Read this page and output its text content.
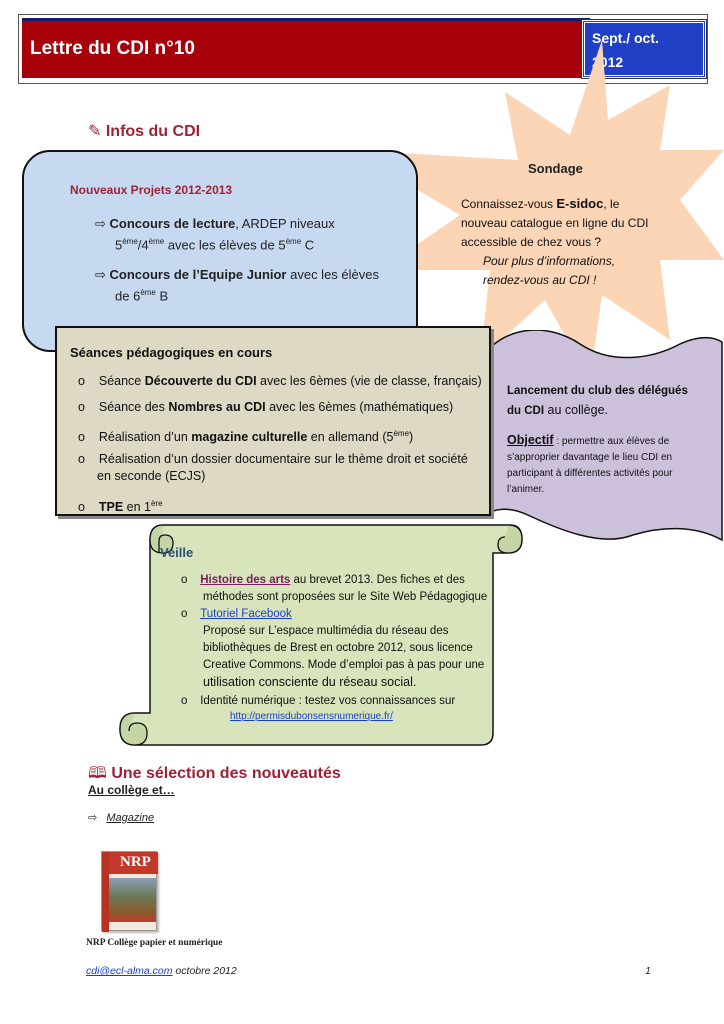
Lettre du CDI n°10	Sept./ oct.
2012
✎ Infos du CDI
Sondage
Connaissez-vous E-sidoc, le
nouveau catalogue en ligne du CDI
accessible de chez vous ?
Pour plus d’informations,
rendez-vous au CDI !
Nouveaux Projets 2012-2013
⇨ Concours de lecture, ARDEP niveaux
5ème/4ème avec les élèves de 5ème C
⇨ Concours de l’Equipe Junior avec les élèves
de 6ème B
Lancement du club des délégués
du CDI au collège.
Objectif : permettre aux élèves de
s’approprier davantage le lieu CDI en
participant à différentes activités pour
l’animer.
Séances pédagogiques en cours
o Séance Découverte du CDI avec les 6èmes (vie de classe, français)
o Séance des Nombres au CDI avec les 6èmes (mathématiques)
o Réalisation d’un magazine culturelle en allemand (5ème)
o Réalisation d’un dossier documentaire sur le thème droit et société
en seconde (ECJS)
o TPE en 1ère
Veille
o Histoire des arts au brevet 2013. Des fiches et des
méthodes sont proposées sur le Site Web Pédagogique
o Tutoriel Facebook
Proposé sur L’espace multimédia du réseau des
bibliothèques de Brest en octobre 2012, sous licence
Creative Commons. Mode d’emploi pas à pas pour une
utilisation consciente du réseau social.
o Identité numérique : testez vos connaissances sur
http://permisdubonsensnumerique.fr/
🕮 Une sélection des nouveautés
Au collège et…
⇨ Magazine
NRP
NRP Collège papier et numérique
cdi@ecl-alma.com octobre 2012	1
